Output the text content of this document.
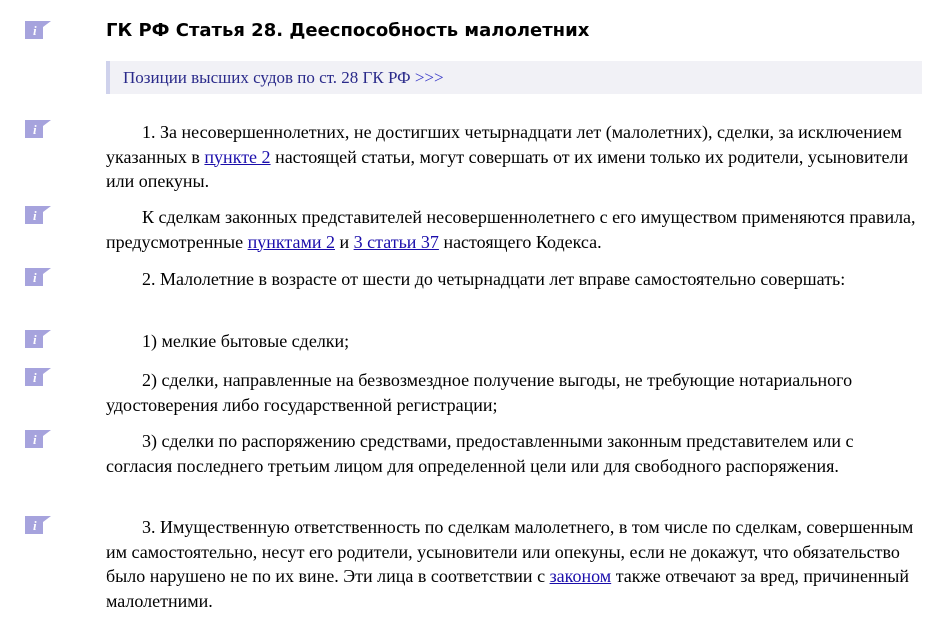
i
i
i
i
i
i
i
i
ГК РФ Статья 28. Дееспособность малолетних
Позиции высших судов по ст. 28 ГК РФ >>>

1. За несовершеннолетних, не достигших четырнадцати лет (малолетних), сделки, за исключением указанных в пункте 2 настоящей статьи, могут совершать от их имени только их родители, усыновители или опекуны.

К сделкам законных представителей несовершеннолетнего с его имуществом применяются правила, предусмотренные пунктами 2 и 3 статьи 37 настоящего Кодекса.

2. Малолетние в возрасте от шести до четырнадцати лет вправе самостоятельно совершать:

1) мелкие бытовые сделки;

2) сделки, направленные на безвозмездное получение выгоды, не требующие нотариального удостоверения либо государственной регистрации;

3) сделки по распоряжению средствами, предоставленными законным представителем или с согласия последнего третьим лицом для определенной цели или для свободного распоряжения.

3. Имущественную ответственность по сделкам малолетнего, в том числе по сделкам, совершенным им самостоятельно, несут его родители, усыновители или опекуны, если не докажут, что обязательство было нарушено не по их вине. Эти лица в соответствии с законом также отвечают за вред, причиненный малолетними.
